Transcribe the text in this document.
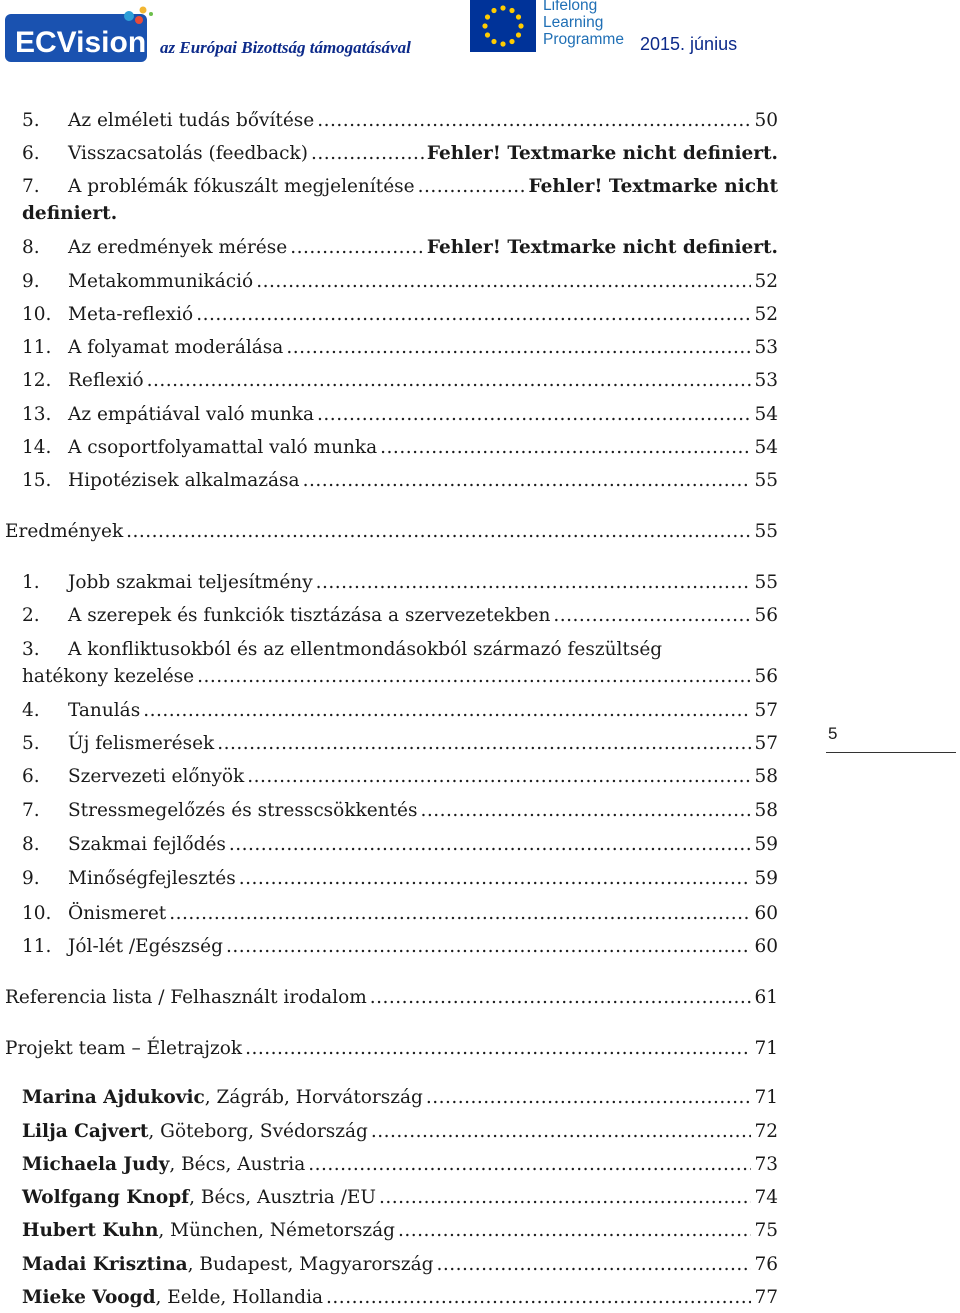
ECVision az Európai Bizottság támogatásával
Lifelong
Learning
Programme 2015. június
5.	Az elméleti tudás bővítése .....	50
6.	Visszacsatolás (feedback) .....	Fehler! Textmarke nicht definiert.
7.	A problémák fókuszált megjelenítése .....	Fehler! Textmarke nicht
definiert.
8.	Az eredmények mérése .....	Fehler! Textmarke nicht definiert.
9.	Metakommunikáció .....	52
10. Meta-reflexió .....	52
11. A folyamat moderálása .....	53
12. Reflexió .....	53
13. Az empátiával való munka .....	54
14. A csoportfolyamattal való munka .....	54
15. Hipotézisek alkalmazása .....	55
Eredmények .....	55
1.	Jobb szakmai teljesítmény .....	55
2.	A szerepek és funkciók tisztázása a szervezetekben .....	56
3. A konfliktusokból és az ellentmondásokból származó feszültség
hatékony kezelése .....	56
4.	Tanulás .....	57
5.	Új felismerések .....	57
6.	Szervezeti előnyök .....	58
7.	Stressmegelőzés és stresscsökkentés .....	58
8.	Szakmai fejlődés .....	59
9.	Minőségfejlesztés .....	59
10. Önismeret .....	60
11. Jól-lét /Egészség .....	60
Referencia lista / Felhasznált irodalom .....	61
Projekt team – Életrajzok .....	71
Marina Ajdukovic, Zágráb, Horvátország .....	71
Lilja Cajvert, Göteborg, Svédország .....	72
Michaela Judy, Bécs, Austria .....	73
Wolfgang Knopf, Bécs, Ausztria /EU .....	74
Hubert Kuhn, München, Németország .....	75
Madai Krisztina, Budapest, Magyarország .....	76
Mieke Voogd, Eelde, Hollandia .....	77
5
